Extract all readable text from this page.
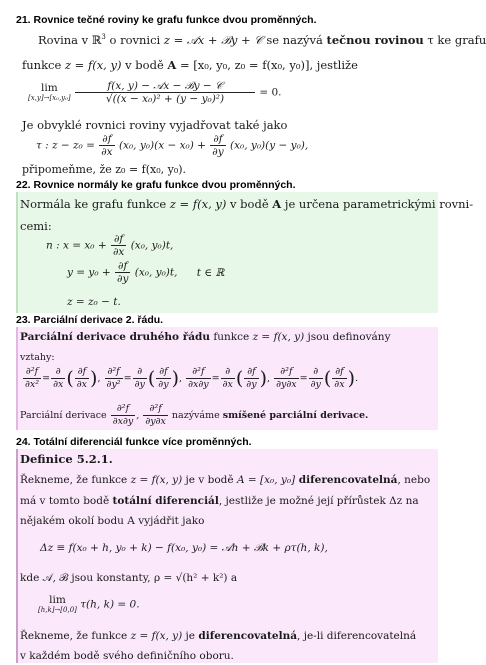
21. Rovnice tečné roviny ke grafu funkce dvou proměnných.
Rovina v ℝ$^3$ o rovnici z = 𝒜x + ℬy + 𝒞 se nazývá tečnou rovinou τ ke grafu
funkce z = f(x, y) v bodě A = [x₀, y₀, z₀ = f(x₀, y₀)], jestliže
lim
[x,y]→[x₀,y₀]
$\frac{\text{f(x, y) − 𝒜x − ℬy − 𝒞}}{\text{√((x − x₀)² + (y − y₀)²)}} = 0$.
Je obvyklé rovnici roviny vyjadřovat také jako
τ : $z - z_0 = \frac{\partial f}{\partial x} (x_0$, $y_0)(x - x_0) + \frac{\partial f}{\partial y} (x_0$, y₀)(y − y₀),
připomeňme, že z₀ = f(x₀, y₀).
22. Rovnice normály ke grafu funkce dvou proměnných.
Normála ke grafu funkce z = f(x, y) v bodě A je určena parametrickými rovni-
cemi:
n : $x = x_0 + \frac{\partial f}{\partial x} (x_0$, y₀)t,
$y = y_0 + \frac{\partial f}{\partial y} (x_0$, y₀)t, t ∈ ℝ
z = z₀ − t.
23. Parciální derivace 2. řádu.
Parciální derivace druhého řádu funkce z = f(x, y) jsou definovány
vztahy:
$\frac{\text{∂²f}}{\text{∂x²}} = \frac{\partial}{\partial x}$ ( $\frac{\partial f}{\partial x}$ ), $\frac{\text{∂²f}}{\text{∂y²}} = \frac{\partial}{\partial y}$ ( $\frac{\partial f}{\partial y}$ ), $\frac{\text{∂²f}}{\partial x\partial y} = \frac{\partial}{\partial x}$ ( $\frac{\partial f}{\partial y}$ ), $\frac{\text{∂²f}}{\partial y\partial x} = \frac{\partial}{\partial y}$ ( $\frac{\partial f}{\partial x}$ ).
Parciální derivace $\frac{\text{∂²f}}{\partial x\partial y}$ , $\frac{\text{∂²f}}{\partial y\partial x}$ nazýváme smíšené parciální derivace.
24. Totální diferenciál funkce více proměnných.
Definice 5.2.1.
Řekneme, že funkce z = f(x, y) je v bodě A = [x₀, y₀] diferencovatelná, nebo
má v tomto bodě totální diferenciál, jestliže je možné její přírůstek Δz na
nějakém okolí bodu A vyjádřit jako
Δz ≡ f(x₀ + h, y₀ + k) − f(x₀, y₀) = 𝒜h + ℬk + ρτ(h, k),
kde 𝒜, ℬ jsou konstanty, ρ = √(h² + k²) a
lim
[h,k]→[0,0] τ(h, k) = 0.
Řekneme, že funkce z = f(x, y) je diferencovatelná, je-li diferencovatelná
v každém bodě svého definičního oboru.
